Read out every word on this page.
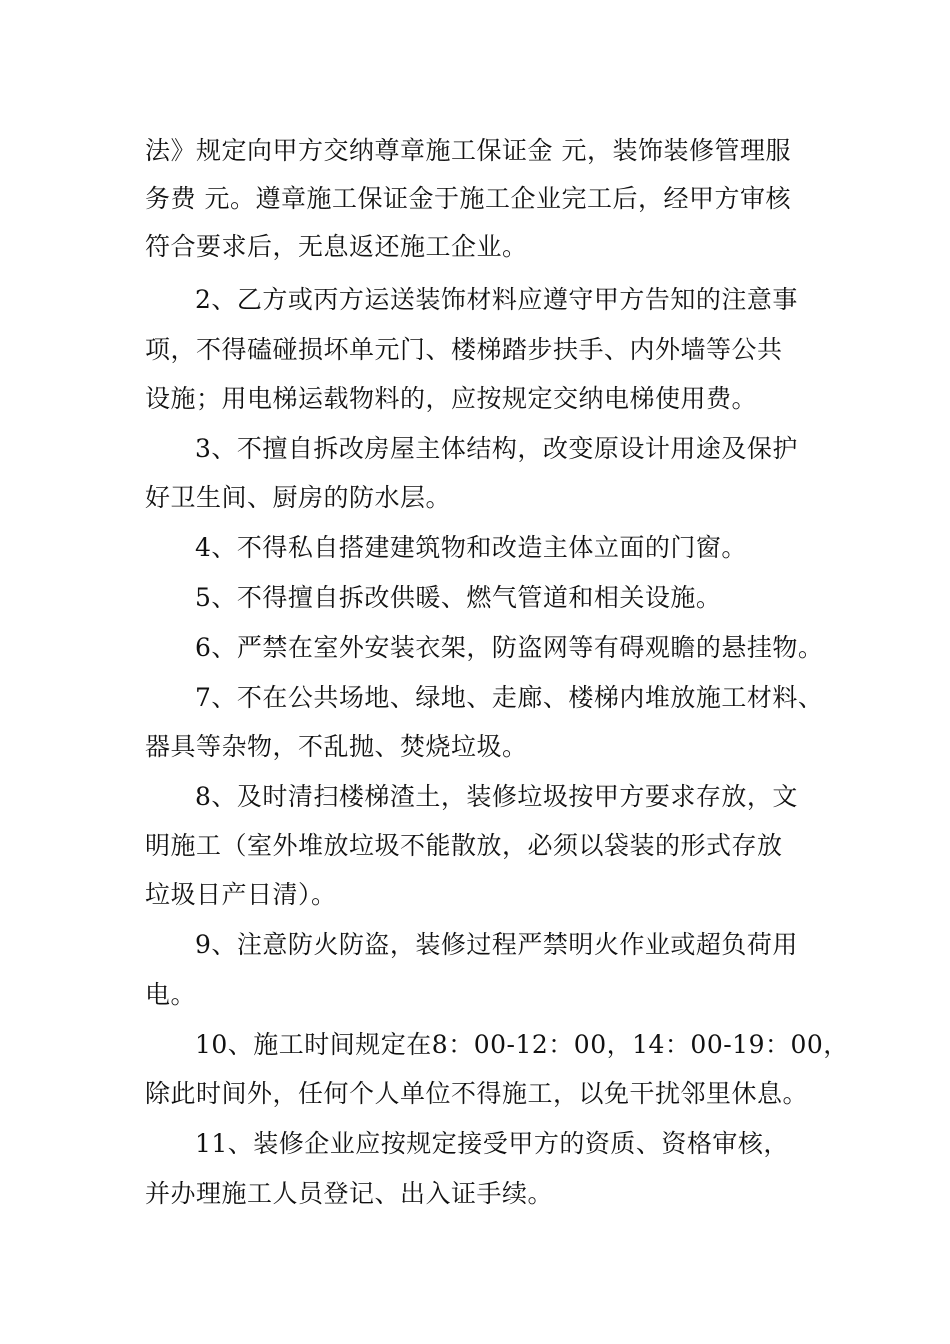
法》规定向甲方交纳尊章施工保证金 元，装饰装修管理服
务费 元。遵章施工保证金于施工企业完工后，经甲方审核
符合要求后，无息返还施工企业。
2、乙方或丙方运送装饰材料应遵守甲方告知的注意事
项，不得磕碰损坏单元门、楼梯踏步扶手、内外墙等公共
设施；用电梯运载物料的，应按规定交纳电梯使用费。
3、不擅自拆改房屋主体结构，改变原设计用途及保护
好卫生间、厨房的防水层。
4、不得私自搭建建筑物和改造主体立面的门窗。
5、不得擅自拆改供暖、燃气管道和相关设施。
6、严禁在室外安装衣架，防盗网等有碍观瞻的悬挂物。
7、不在公共场地、绿地、走廊、楼梯内堆放施工材料、
器具等杂物，不乱抛、焚烧垃圾。
8、及时清扫楼梯渣土，装修垃圾按甲方要求存放，文
明施工（室外堆放垃圾不能散放，必须以袋装的形式存放
垃圾日产日清）。
9、注意防火防盗，装修过程严禁明火作业或超负荷用
电。
10、施工时间规定在8：00-12：00，14：00-19：00，
除此时间外，任何个人单位不得施工，以免干扰邻里休息。
11、装修企业应按规定接受甲方的资质、资格审核，
并办理施工人员登记、出入证手续。
